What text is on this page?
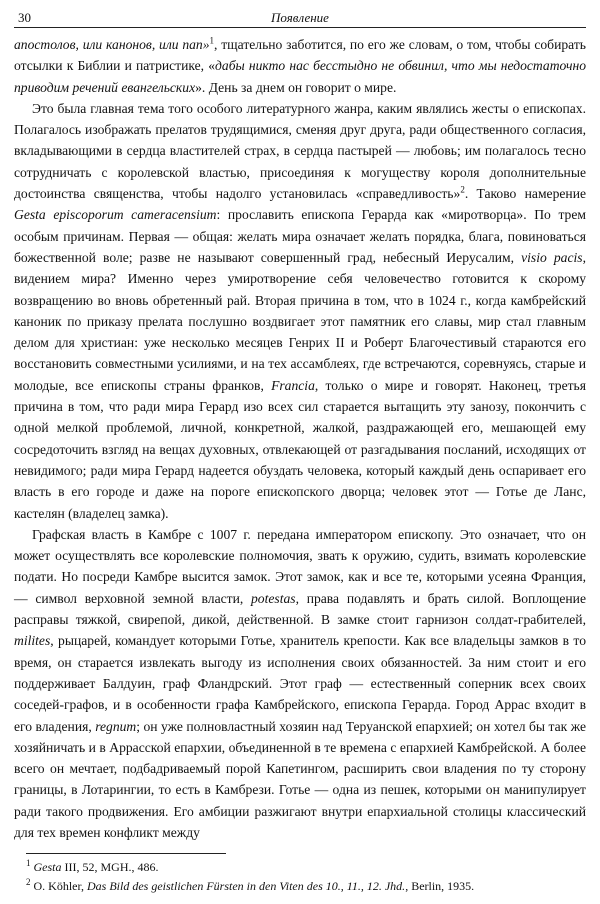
30	Появление

апостолов, или канонов, или пап»$^1$, тщательно заботится, по его же словам, о том, чтобы собирать отсылки к Библии и патристике, «дабы никто нас бесстыдно не обвинил, что мы недостаточно приводим речений евангельских». День за днем он говорит о мире.

Это была главная тема того особого литературного жанра, каким являлись жесты о епископах. Полагалось изображать прелатов трудящимися, сменяя друг друга, ради общественного согласия, вкладывающими в сердца властителей страх, в сердца пастырей — любовь; им полагалось тесно сотрудничать с королевской властью, присоединяя к могуществу короля дополнительные достоинства священства, чтобы надолго установилась «справедливость»$^2$. Таково намерение Gesta episcoporum cameracensium: прославить епископа Герарда как «миротворца». По трем особым причинам. Первая — общая: желать мира означает желать порядка, блага, повиноваться божественной воле; разве не называют совершенный град, небесный Иерусалим, visio pacis, видением мира? Именно через умиротворение себя человечество готовится к скорому возвращению во вновь обретенный рай. Вторая причина в том, что в 1024 г., когда камбрейский каноник по приказу прелата послушно воздвигает этот памятник его славы, мир стал главным делом для христиан: уже несколько месяцев Генрих II и Роберт Благочестивый стараются его восстановить совместными усилиями, и на тех ассамблеях, где встречаются, соревнуясь, старые и молодые, все епископы страны франков, Francia, только о мире и говорят. Наконец, третья причина в том, что ради мира Герард изо всех сил старается вытащить эту занозу, покончить с одной мелкой проблемой, личной, конкретной, жалкой, раздражающей его, мешающей ему сосредоточить взгляд на вещах духовных, отвлекающей от разгадывания посланий, исходящих от невидимого; ради мира Герард надеется обуздать человека, который каждый день оспаривает его власть в его городе и даже на пороге епископского дворца; человек этот — Готье де Ланс, кастелян (владелец замка).

Графская власть в Камбре с 1007 г. передана императором епископу. Это означает, что он может осуществлять все королевские полномочия, звать к оружию, судить, взимать королевские подати. Но посреди Камбре высится замок. Этот замок, как и все те, которыми усеяна Франция, — символ верховной земной власти, potestas, права подавлять и брать силой. Воплощение расправы тяжкой, свирепой, дикой, действенной. В замке стоит гарнизон солдат-грабителей, milites, рыцарей, командует которыми Готье, хранитель крепости. Как все владельцы замков в то время, он старается извлекать выгоду из исполнения своих обязанностей. За ним стоит и его поддерживает Балдуин, граф Фландрский. Этот граф — естественный соперник всех своих соседей-графов, и в особенности графа Камбрейского, епископа Герарда. Город Аррас входит в его владения, regnum; он уже полновластный хозяин над Теруанской епархией; он хотел бы так же хозяйничать и в Аррасской епархии, объединенной в те времена с епархией Камбрейской. А более всего он мечтает, подбадриваемый порой Капетингом, расширить свои владения по ту сторону границы, в Лотарингии, то есть в Камбрези. Готье — одна из пешек, которыми он манипулирует ради такого продвижения. Его амбиции разжигают внутри епархиальной столицы классический для тех времен конфликт между

$^1$ Gesta III, 52, MGH., 486.
$^2$ O. Köhler, Das Bild des geistlichen Fürsten in den Viten des 10., 11., 12. Jhd., Berlin, 1935.
